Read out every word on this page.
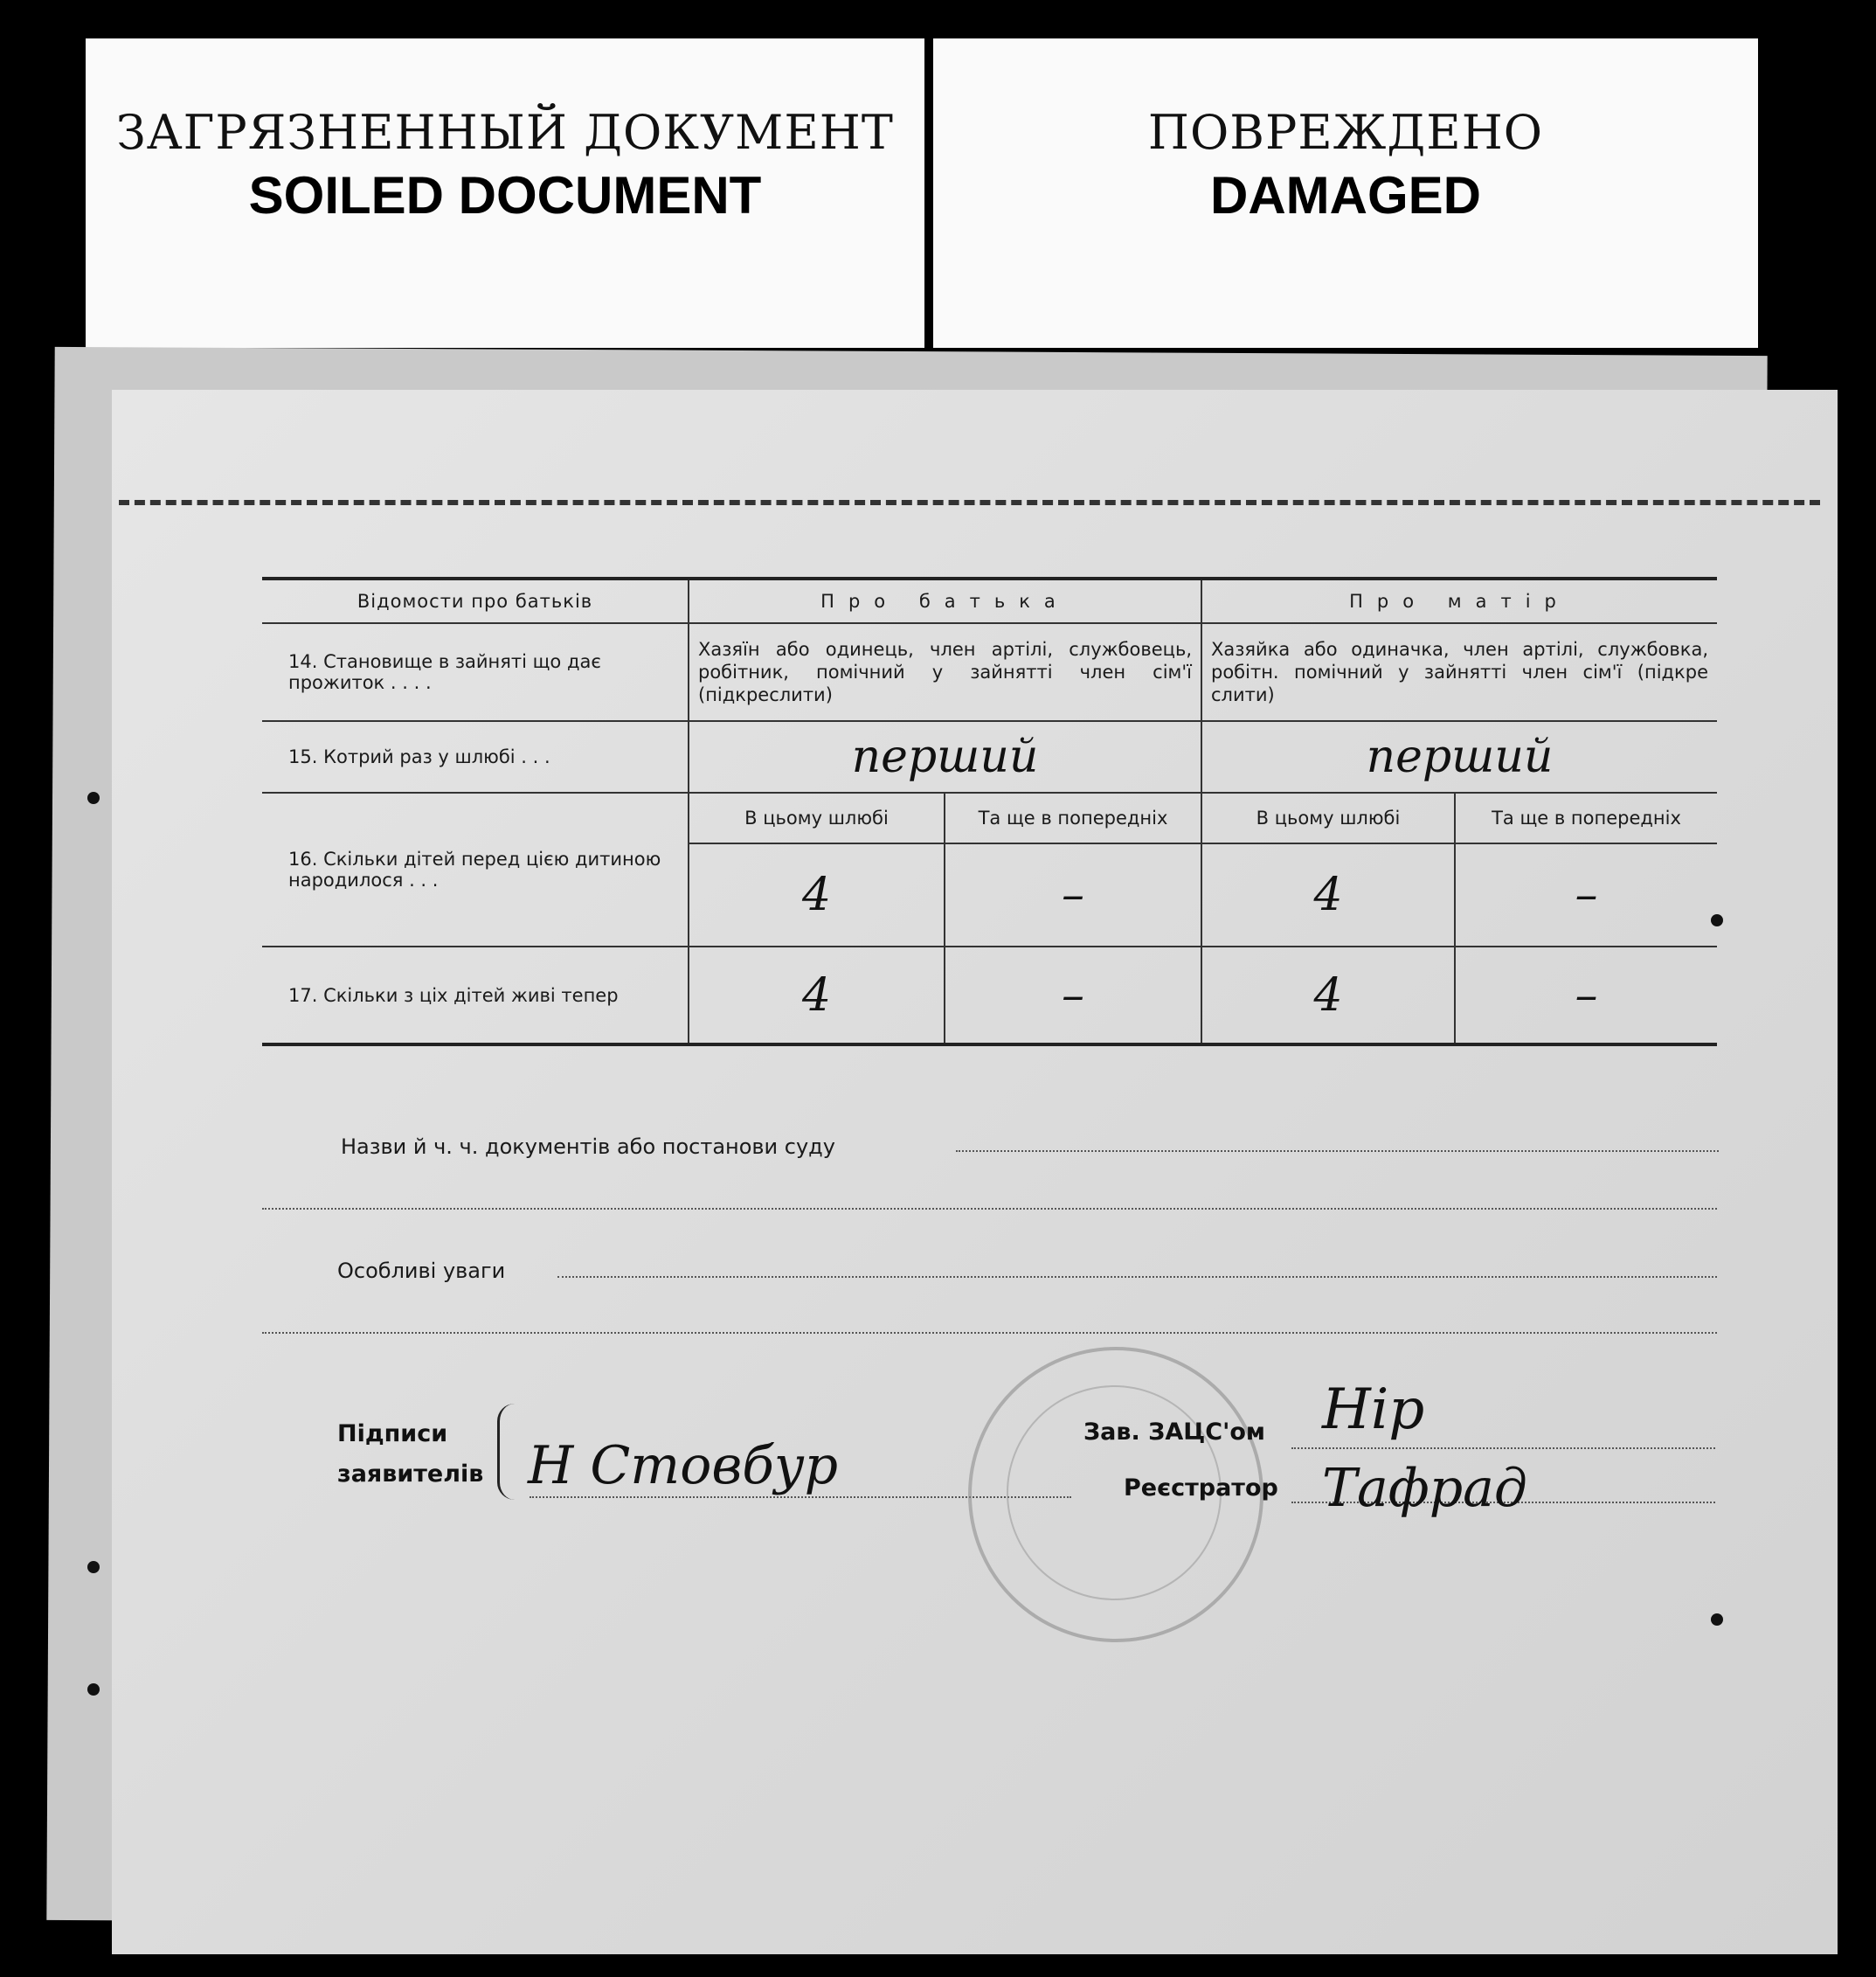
ЗАГРЯЗНЕННЫЙ ДОКУМЕНТ
SOILED DOCUMENT
ПОВРЕЖДЕНО
DAMAGED
Відомости про батьків	Про батька		Про матір	
14. Становище в зайняті що дає прожиток . . . .	Хазяїн або одинець, член артілі, службовець, робітник, помічний у зайнятті член сім'ї (підкреслити)		Хазяйка або одиначка, член артілі, службовка, робітн. помічний у зайнятті член сім'ї (підкре слити)	
15. Котрий раз у шлюбі . . .	перший		перший	
16. Скільки дітей перед цією дитиною народилося . . .	В цьому шлюбі	Та ще в попередніх	В цьому шлюбі	Та ще в попередніх
	4	–	4	–
17. Скільки з ціх дітей живі тепер	4	–	4	–
Назви й ч. ч. документів або постанови суду
Особливі уваги
Підписи
заявителів Н Стовбур
Зав. ЗАЦС'ом
Реєстратор
Нір
Тафрад
